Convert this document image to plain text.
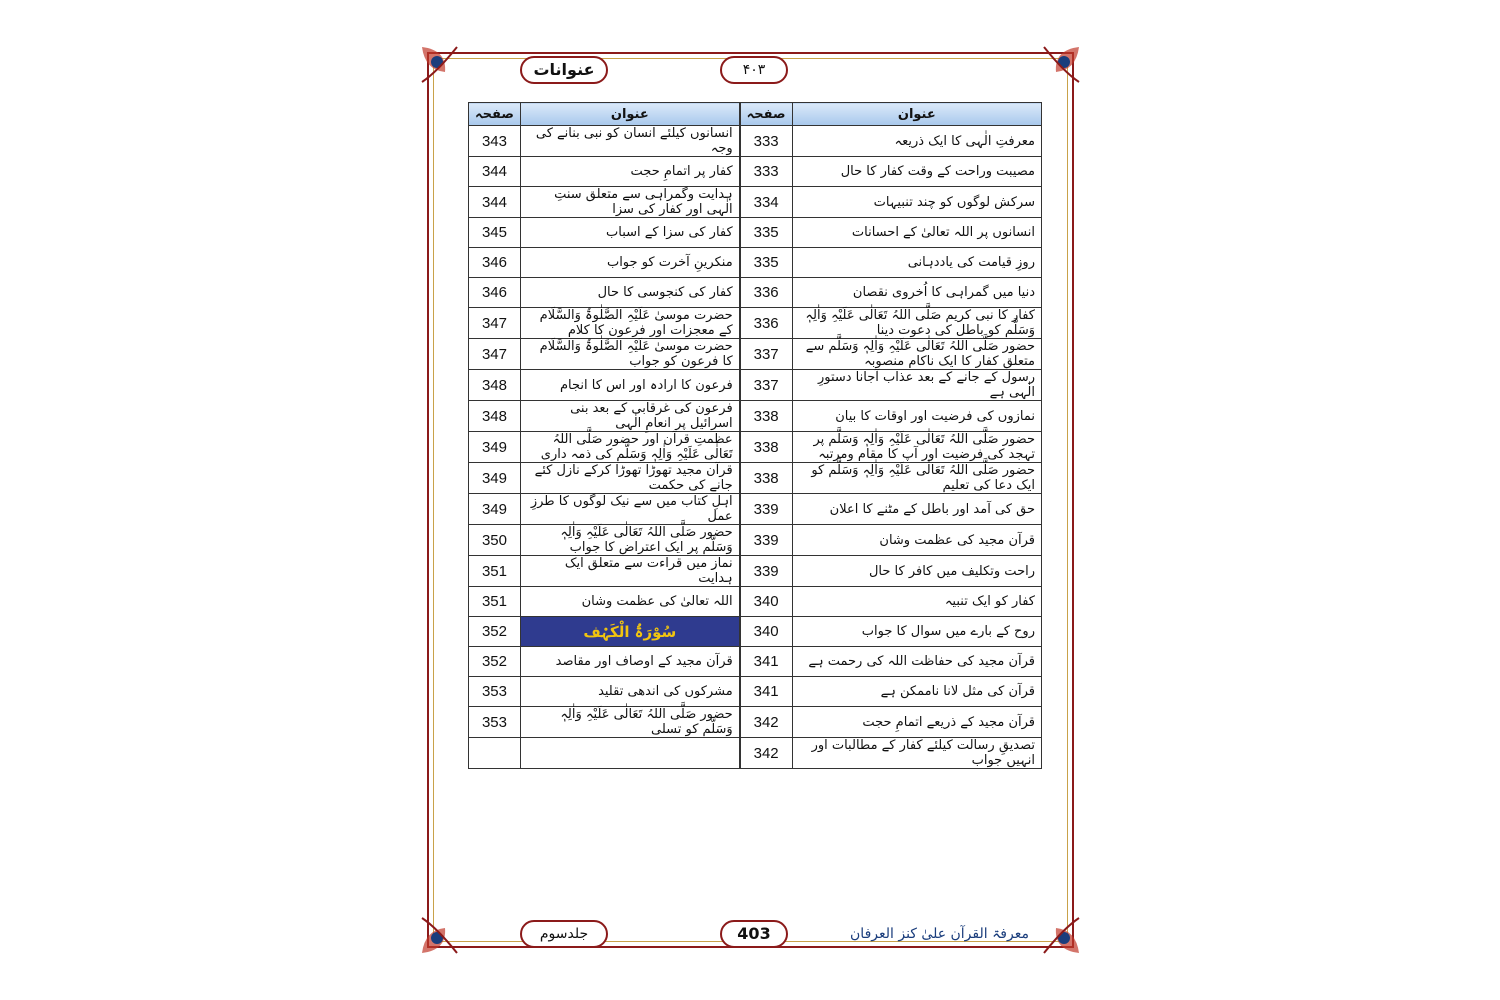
عنوانات	۴۰۳
عنوان	صفحہ		عنوان	صفحہ
معرفتِ الٰہی کا ایک ذریعہ	333		انسانوں کیلئے انسان کو نبی بنانے کی وجہ	343
مصیبت وراحت کے وقت کفار کا حال	333		کفار پر اتمامِ حجت	344
سرکش لوگوں کو چند تنبیہات	334		ہدایت وگمراہی سے متعلق سنتِ الٰہی اور کفار کی سزا	344
انسانوں پر اللہ تعالیٰ کے احسانات	335		کفار کی سزا کے اسباب	345
روزِ قیامت کی یاددہانی	335		منکرینِ آخرت کو جواب	346
دنیا میں گمراہی کا اُخروی نقصان	336		کفار کی کنجوسی کا حال	346
کفار کا نبی کریم صَلَّی اللہُ تَعَالٰی عَلَیْہِ وَاٰلِہٖ وَسَلَّم کو باطل کی دعوت دینا	336		حضرت موسیٰ عَلَیْہِ الصَّلٰوۃُ وَالسَّلَام کے معجزات اور فرعون کا کلام	347
حضور صَلَّی اللہُ تَعَالٰی عَلَیْہِ وَاٰلِہٖ وَسَلَّم سے متعلق کفار کا ایک ناکام منصوبہ	337		حضرت موسیٰ عَلَیْہِ الصَّلٰوۃُ وَالسَّلَام کا فرعون کو جواب	347
رسول کے جانے کے بعد عذاب آجانا دستورِ الٰہی ہے	337		فرعون کا ارادہ اور اس کا انجام	348
نمازوں کی فرضیت اور اوقات کا بیان	338		فرعون کی غرقابی کے بعد بنی اسرائیل پر انعامِ الٰہی	348
حضور صَلَّی اللہُ تَعَالٰی عَلَیْہِ وَاٰلِہٖ وَسَلَّم پر تہجد کی فرضیت اور آپ کا مقام ومرتبہ	338		عظمتِ قرآن اور حضور صَلَّی اللہُ تَعَالٰی عَلَیْہِ وَاٰلِہٖ وَسَلَّم کی ذمہ داری	349
حضور صَلَّی اللہُ تَعَالٰی عَلَیْہِ وَاٰلِہٖ وَسَلَّم کو ایک دعا کی تعلیم	338		قرآن مجید تھوڑا تھوڑا کرکے نازل کئے جانے کی حکمت	349
حق کی آمد اور باطل کے مٹنے کا اعلان	339		اہلِ کتاب میں سے نیک لوگوں کا طرزِ عمل	349
قرآن مجید کی عظمت وشان	339		حضور صَلَّی اللہُ تَعَالٰی عَلَیْہِ وَاٰلِہٖ وَسَلَّم پر ایک اعتراض کا جواب	350
راحت وتکلیف میں کافر کا حال	339		نماز میں قراءت سے متعلق ایک ہدایت	351
کفار کو ایک تنبیہ	340		اللہ تعالیٰ کی عظمت وشان	351
روح کے بارے میں سوال کا جواب	340		سُوْرَۃُ الْکَہْف	352
قرآن مجید کی حفاظت اللہ کی رحمت ہے	341		قرآن مجید کے اوصاف اور مقاصد	352
قرآن کی مثل لانا ناممکن ہے	341		مشرکوں کی اندھی تقلید	353
قرآن مجید کے ذریعے اتمامِ حجت	342		حضور صَلَّی اللہُ تَعَالٰی عَلَیْہِ وَاٰلِہٖ وَسَلَّم کو تسلی	353
تصدیقِ رسالت کیلئے کفار کے مطالبات اور انہیں جواب	342			
جلدسوم	403	معرفۃ القرآن علیٰ کنز العرفان
